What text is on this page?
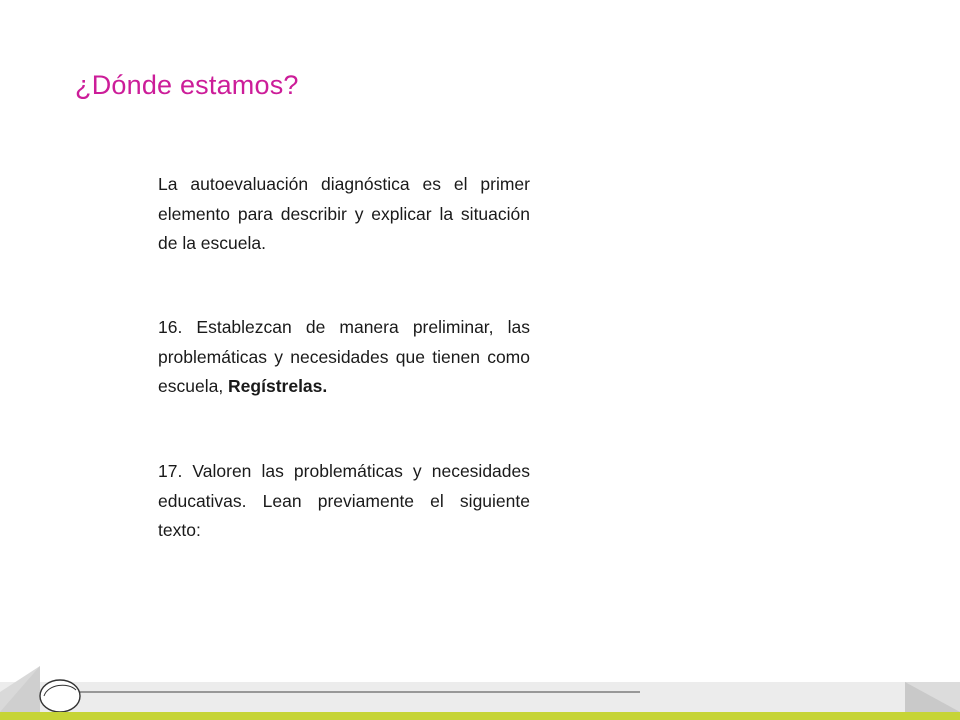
¿Dónde estamos?

La autoevaluación diagnóstica es el primer elemento para describir y explicar la situación de la escuela.

16. Establezcan de manera preliminar, las problemáticas y necesidades que tienen como escuela, Regístrelas.

17. Valoren las problemáticas y necesidades educativas. Lean previamente el siguiente texto:
